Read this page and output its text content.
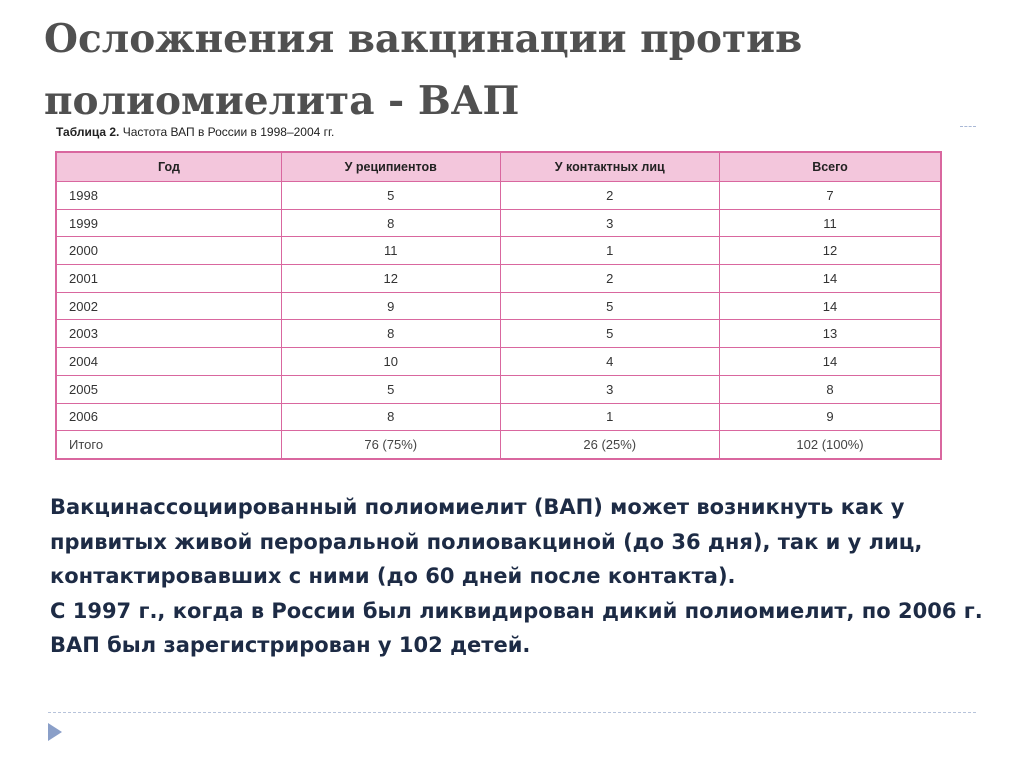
Осложнения вакцинации против
полиомиелита - ВАП
Таблица 2. Частота ВАП в России в 1998–2004 гг.
Год	У реципиентов	У контактных лиц	Всего
1998	5	2	7
1999	8	3	11
2000	11	1	12
2001	12	2	14
2002	9	5	14
2003	8	5	13
2004	10	4	14
2005	5	3	8
2006	8	1	9
Итого	76 (75%)	26 (25%)	102 (100%)

Вакцинассоциированный полиомиелит (ВАП) может возникнуть как у привитых живой пероральной полиовакциной (до 36 дня), так и у лиц, контактировавших с ними (до 60 дней после контакта).

С 1997 г., когда в России был ликвидирован дикий полиомиелит, по 2006 г. ВАП был зарегистрирован у 102 детей.
